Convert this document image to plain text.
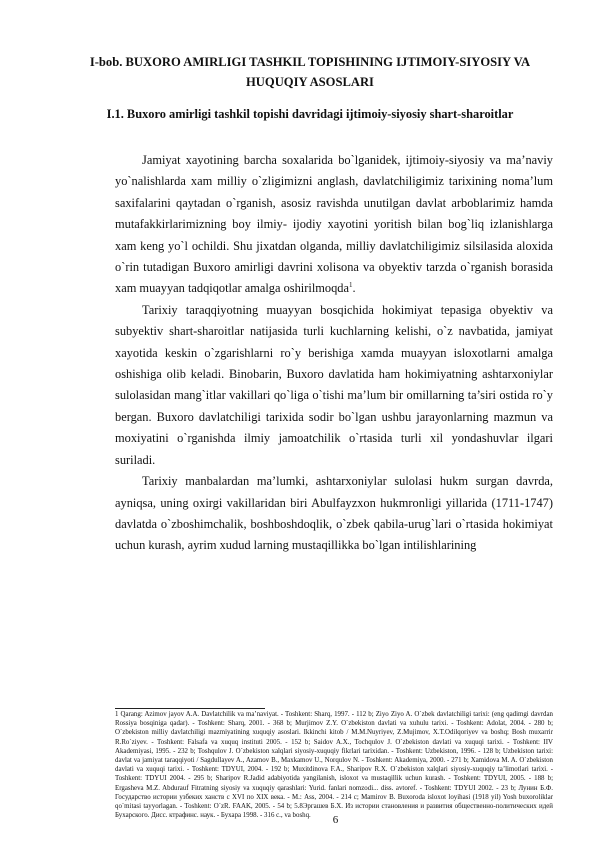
I-bob. BUXORO AMIRLIGI TASHKIL TOPISHINING IJTIMOIY-SIYOSIY VA HUQUQIY ASOSLARI
I.1. Buxoro amirligi tashkil topishi davridagi ijtimoiy-siyosiy shart-sharoitlar

Jamiyat xayotining barcha soxalarida bo`lganidek, ijtimoiy-siyosiy va ma’naviy yo`nalishlarda xam milliy o`zligimizni anglash, davlatchiligimiz tarixining noma’lum saxifalarini qaytadan o`rganish, asosiz ravishda unutilgan davlat arboblarimiz hamda mutafakkirlarimizning boy ilmiy- ijodiy xayotini yoritish bilan bog`liq izlanishlarga xam keng yo`l ochildi. Shu jixatdan olganda, milliy davlatchiligimiz silsilasida aloxida o`rin tutadigan Buxoro amirligi davrini xolisona va obyektiv tarzda o`rganish borasida xam muayyan tadqiqotlar amalga oshirilmoqda$^1$.

Tarixiy taraqqiyotning muayyan bosqichida hokimiyat tepasiga obyektiv va subyektiv shart-sharoitlar natijasida turli kuchlarning kelishi, o`z navbatida, jamiyat xayotida keskin o`zgarishlarni ro`y berishiga xamda muayyan isloxotlarni amalga oshishiga olib keladi. Binobarin, Buxoro davlatida ham hokimiyatning ashtarxoniylar sulolasidan mang`itlar vakillari qo`liga o`tishi ma’lum bir omillarning ta’siri ostida ro`y bergan. Buxoro davlatchiligi tarixida sodir bo`lgan ushbu jarayonlarning mazmun va moxiyatini o`rganishda ilmiy jamoatchilik o`rtasida turli xil yondashuvlar ilgari suriladi.

Tarixiy manbalardan ma’lumki, ashtarxoniylar sulolasi hukm surgan davrda, ayniqsa, uning oxirgi vakillaridan biri Abulfayzxon hukmronligi yillarida (1711-1747) davlatda o`zboshimchalik, boshboshdoqlik, o`zbek qabila-urug`lari o`rtasida hokimiyat uchun kurash, ayrim xudud larning mustaqillikka bo`lgan intilishlarining

1 Qarang: Azimov jayov A.A. Davlatchilik va ma’naviyat. - Toshkent: Sharq, 1997. - 112 b; Ziyo Ziyo A. O`zbek davlatchiligi tarixi: (eng qadimgi davrdan Rossiya bosqiniga qadar). - Toshkent: Sharq, 2001. - 368 b; Murjimov Z.Y. O`zbekiston davlati va xuhulu tarixi. - Toshkent: Adolat, 2004. - 280 b; O`zbekiston milliy davlatchiligi mazmiyatining xuquqiy asoslari. Ikkinchi kitob / M.M.Nuyriyev, Z.Mujimov, X.T.Odilqoriyev va boshq; Bosh muxarrir R.Ro`ziyev. - Toshkent: Falsafa va xuquq instituti 2005. - 152 b; Saidov A.X., Tochqulov J. O`zbekiston davlati va xuquqi tarixi. - Toshkent: IIV Akademiyasi, 1995. - 232 b; Toshqulov J. O`zbekiston xalqlari siyosiy-xuquqiy fikrlari tarixidan. - Toshkent: Uzbekiston, 1996. - 128 b; Uzbekiston tarixi: davlat va jamiyat taraqqiyoti / Sagdullayev A., Azamov B., Maxkamov U., Norqulov N. - Toshkent: Akademiya, 2000. - 271 b; Xamidova M. A. O`zbekiston davlati va xuquqi tarixi. - Toshkent: TDYUI, 2004. - 192 b; Muxitdinova F.A., Sharipov R.X. O`zbekiston xalqlari siyosiy-xuquqiy ta’limotlari tarixi. - Toshkent: TDYUI 2004. - 295 b; Sharipov R.Jadid adabiyotida yangilanish, isloxot va mustaqillik uchun kurash. - Toshkent: TDYUI, 2005. - 188 b; Ergasheva M.Z. Abdurauf Fitratning siyosiy va xuquqiy qarashlari: Yurid. fanlari nomzodi... diss. avtoref. - Toshkent: TDYUI 2002. - 23 b; Лунин Б.Ф. Государство истории узбеких ханств с XVI по XIX века. - М.: Ass, 2004. - 214 с; Mamirov B. Buxoroda isloxot loyihasi (1918 yil) Yosh buxoroliklar qo`mitasi tayyorlagan. - Toshkent: O`zR. FAAK, 2005. - 54 b; 5.8Эргашев Б.Х. Из истории становления и развития общественно-политических идей Бухарского. Дисс. ктрафинс. наук. - Бухара 1998. - 316 с., va boshq.	6
